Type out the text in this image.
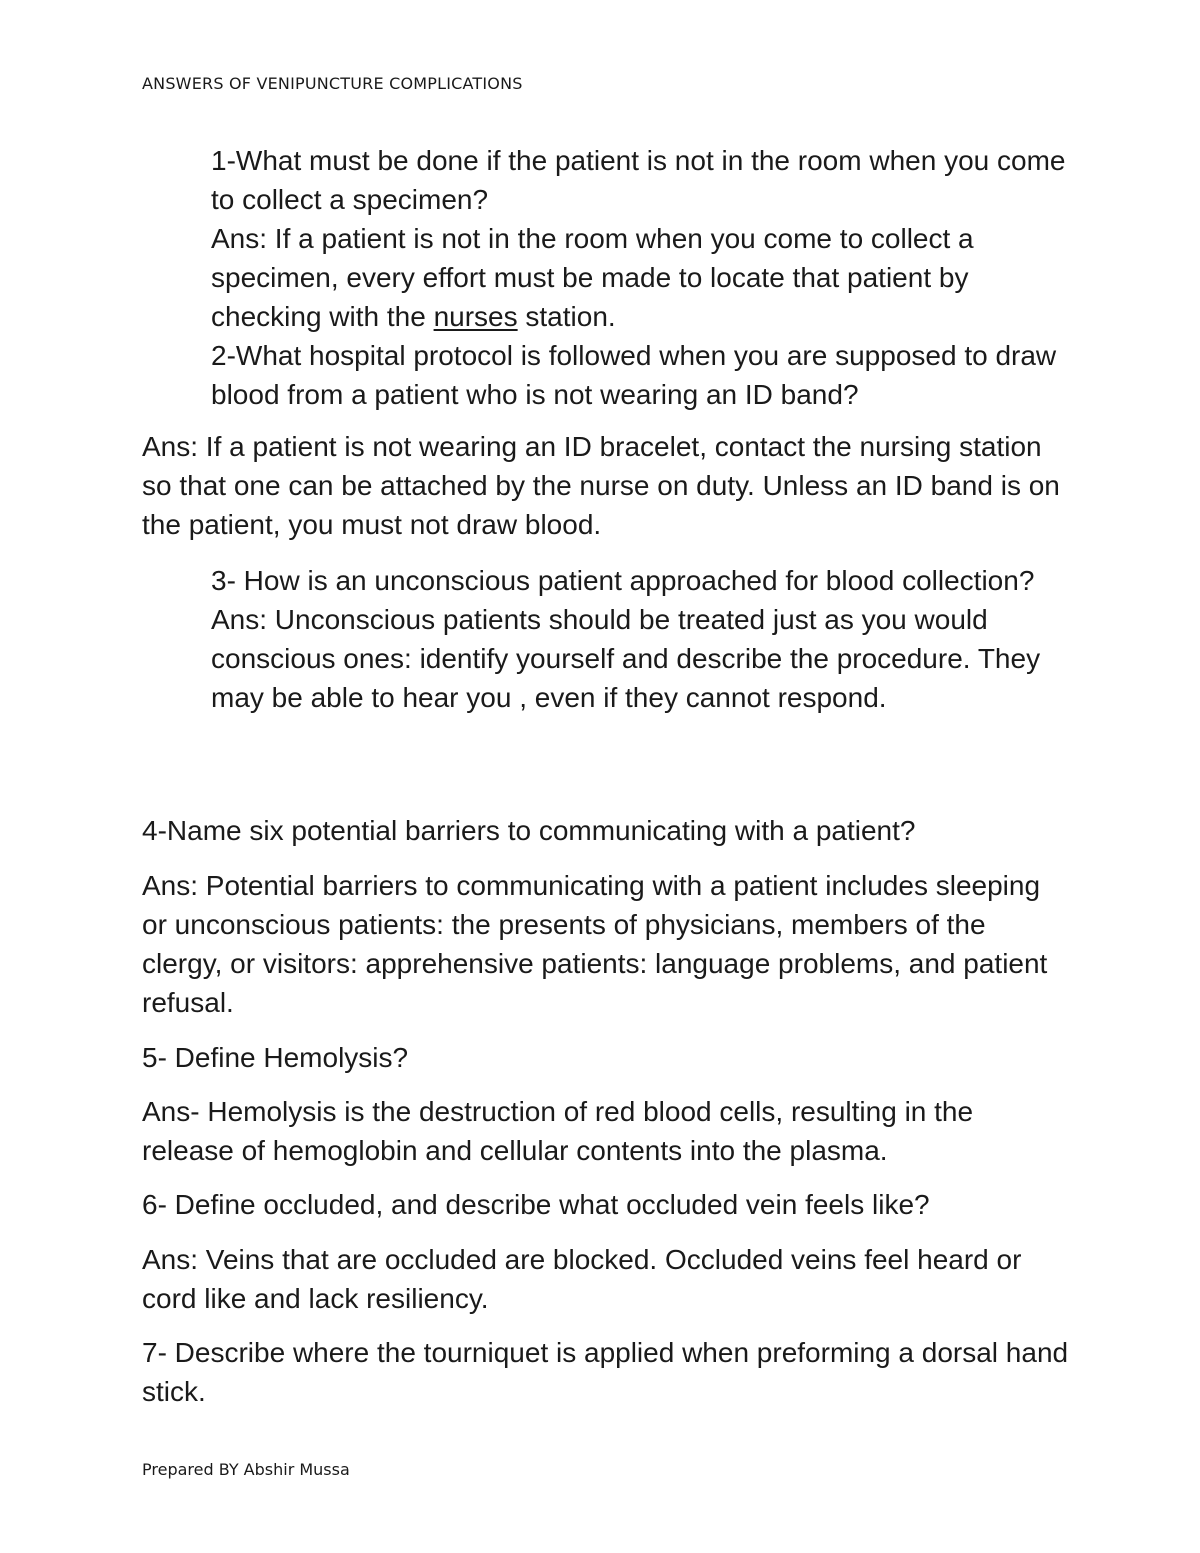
ANSWERS OF VENIPUNCTURE COMPLICATIONS
1-What must be done if the patient is not in the room when you come to collect a specimen?
Ans: If a patient is not in the room when you come to collect a specimen, every effort must be made to locate that patient by checking with the nurses station.
2-What hospital protocol is followed when you are supposed to draw blood from a patient who is not wearing an ID band?
Ans: If a patient is not wearing an ID bracelet, contact the nursing station so that one can be attached by the nurse on duty. Unless an ID band is on the patient, you must not draw blood.
3- How is an unconscious patient approached for blood collection?
Ans: Unconscious patients should be treated just as you would conscious ones: identify yourself and describe the procedure. They may be able to hear you , even if they cannot respond.
4-Name six potential barriers to communicating with a patient?
Ans: Potential barriers to communicating with a patient includes sleeping or unconscious patients: the presents of physicians, members of the clergy, or visitors: apprehensive patients: language problems, and patient refusal.
5- Define Hemolysis?
Ans- Hemolysis is the destruction of red blood cells, resulting in the release of hemoglobin and cellular contents into the plasma.
6- Define occluded, and describe what occluded vein feels like?
Ans: Veins that are occluded are blocked. Occluded veins feel heard or cord like and lack resiliency.
7- Describe where the tourniquet is applied when preforming a dorsal hand stick.
Prepared BY Abshir Mussa
